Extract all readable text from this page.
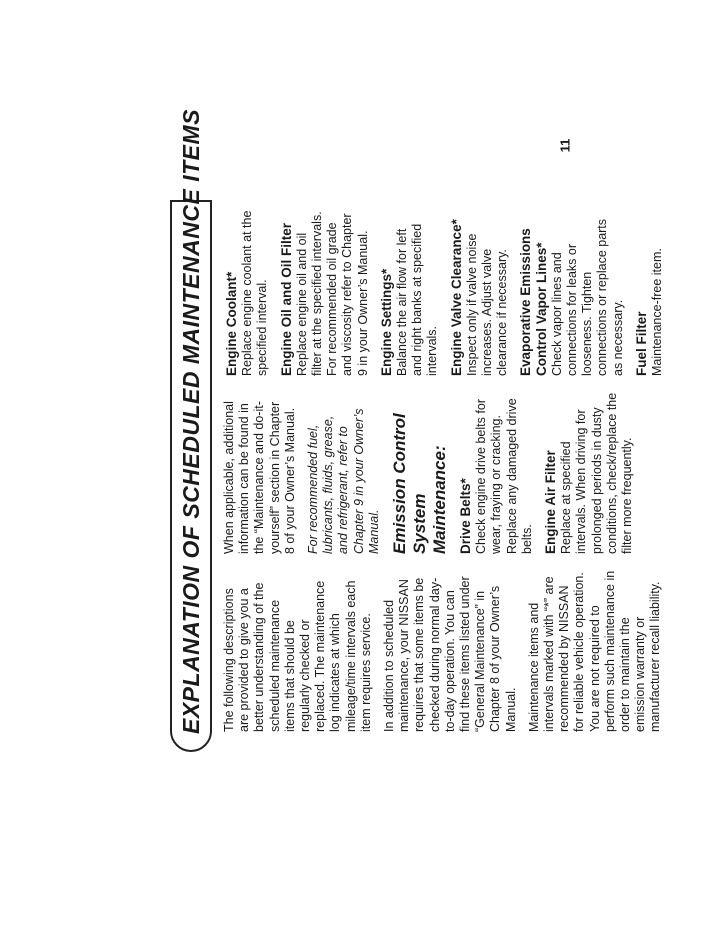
EXPLANATION OF SCHEDULED MAINTENANCE ITEMS The following descriptions are provided to give you a better understanding of the scheduled maintenance items that should be regularly checked or replaced. The maintenance log indicates at which mileage/time intervals each item requires service. In addition to scheduled maintenance, your NISSAN requires that some items be checked during normal day-to-day operation. You can find these items listed under “General Maintenance” in Chapter 8 of your Owner’s Manual. Maintenance items and intervals marked with “*” are recommended by NISSAN for reliable vehicle operation. You are not required to perform such maintenance in order to maintain the emission warranty or manufacturer recall liability.

When applicable, additional information can be found in the “Maintenance and do-it-yourself” section in Chapter 8 of your Owner’s Manual. For recommended fuel, lubricants, fluids, grease, and refrigerant, refer to Chapter 9 in your Owner’s Manual. Emission Control System Maintenance: Drive Belts* Check engine drive belts for wear, fraying or cracking. Replace any damaged drive belts. Engine Air Filter Replace at specified intervals. When driving for prolonged periods in dusty conditions, check/replace the filter more frequently.

Engine Coolant* Replace engine coolant at the specified interval. Engine Oil and Oil Filter Replace engine oil and oil filter at the specified intervals. For recommended oil grade and viscosity refer to Chapter 9 in your Owner’s Manual. Engine Settings* Balance the air flow for left and right banks at specified intervals. Engine Valve Clearance* Inspect only if valve noise increases. Adjust valve clearance if necessary. Evaporative Emissions Control Vapor Lines* Check vapor lines and connections for leaks or looseness. Tighten connections or replace parts as necessary. Fuel Filter Maintenance-free item.

11
